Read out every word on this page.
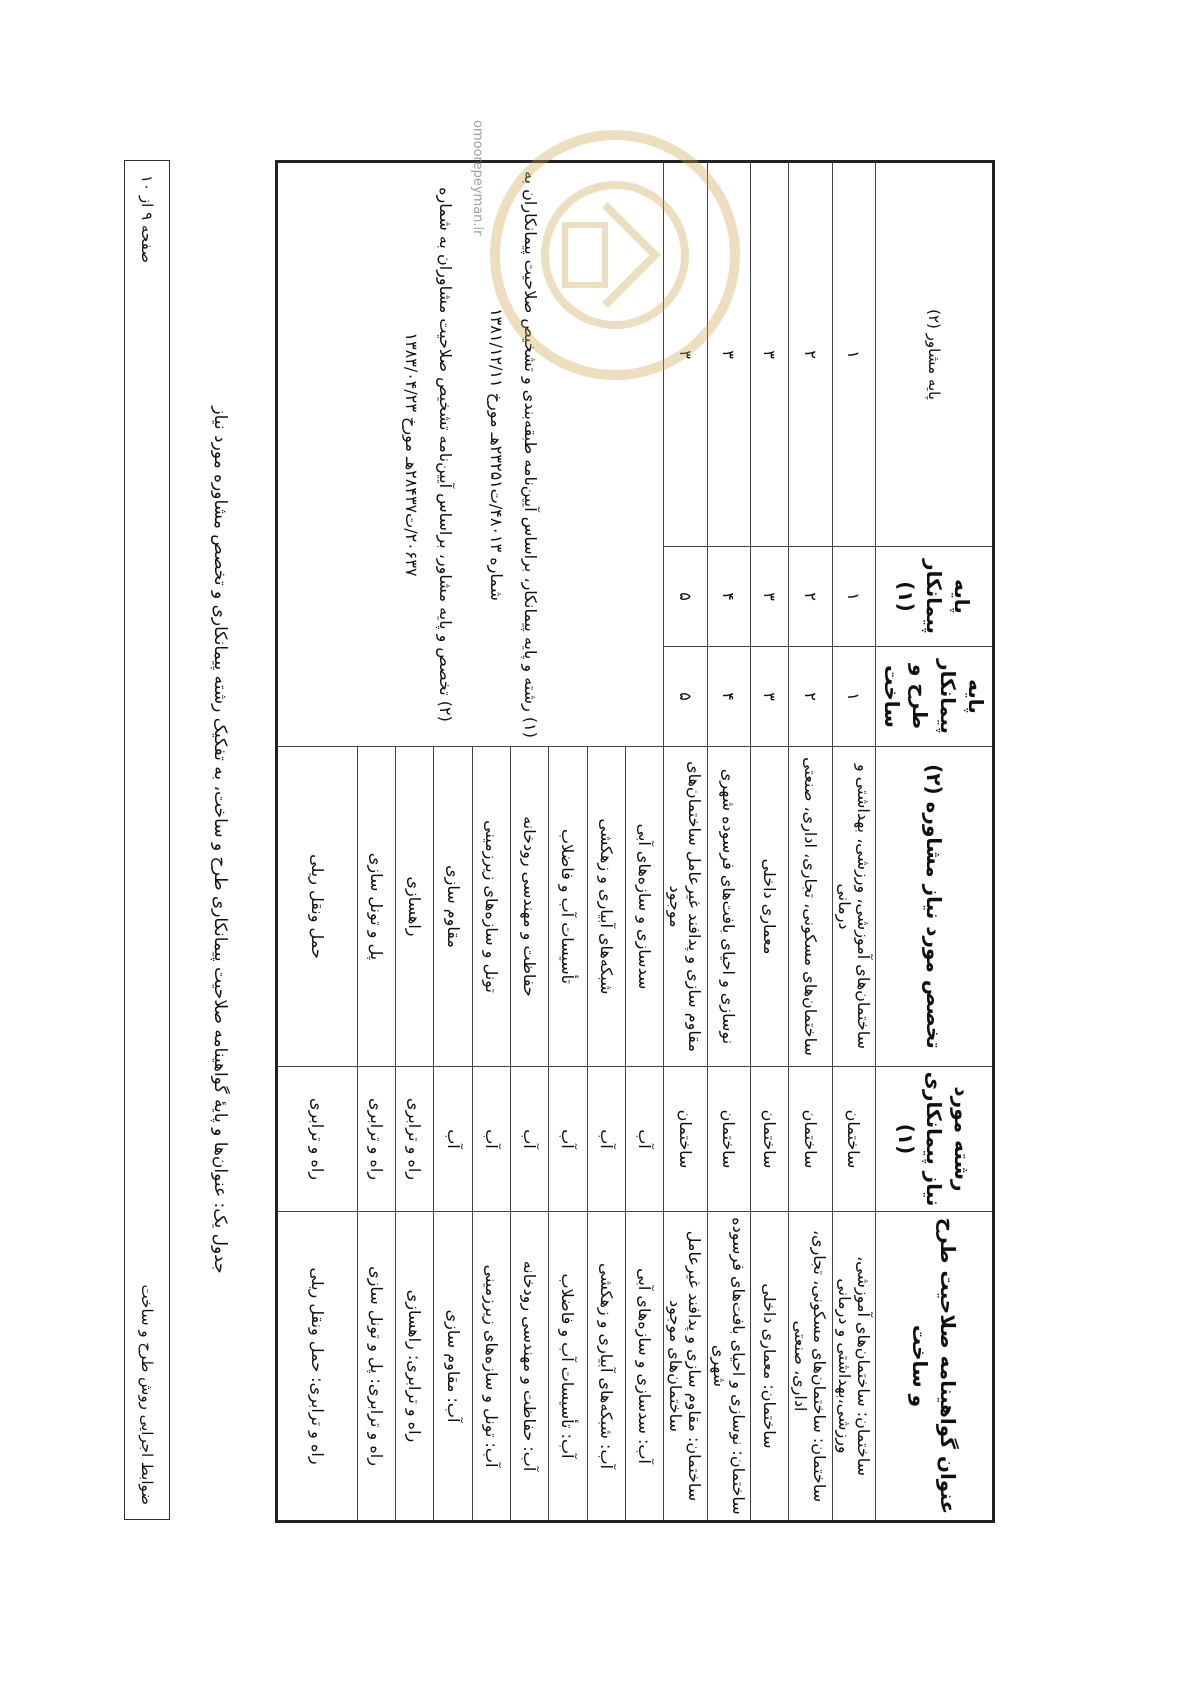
ضوابط اجرایی روش طرح و ساخت
صفحه ۹ از ۱۰
جدول یک: عنوان‌ها و پایهٔ گواهینامه صلاحیت پیمانکاری طرح و ساخت، به تفکیک رشته پیمانکاری و تخصص مشاوره مورد نیاز
عنوان گواهینامه صلاحیت طرح و ساخت	رشته مورد نیاز پیمانکاری (۱)	تخصص مورد نیاز مشاوره (۲)	پایه پیمانکار طرح و ساخت	پایه پیمانکار (۱)	پایه مشاور (۲)
ساختمان: ساختمان‌های آموزشی، ورزشی،بهداشتی و درمانی	ساختمان	ساختمان‌های آموزشی، ورزشی، بهداشتی و درمانی	۱	۱	۱
ساختمان: ساختمان‌های مسکونی، تجاری، اداری، صنعتی	ساختمان	ساختمان‌های مسکونی، تجاری، اداری، صنعتی	۲	۲	۲
ساختمان: معماری داخلی	ساختمان	معماری داخلی	۳	۳	۳
ساختمان: نوسازی و احیای بافت‌های فرسوده شهری	ساختمان	نوسازی و احیای بافت‌های فرسوده شهری	۴	۴	۳
ساختمان: مقاوم سازی و پدافند غیرعامل ساختمان‌های موجود	ساختمان	مقاوم سازی و پدافند غیرعامل ساختمان‌های موجود	۵	۵	۳
آب: سدسازی و سازه‌های آبی	آب	سدسازی و سازه‌های آبی	(۱) رشته و پایه پیمانکار، براساس آیین‌نامه طبقه‌بندی و تشخیص صلاحیت پیمانکاران به شماره ۴۸۰۱۳/ت۲۳۲۵۱هـ مورخ ۱۳۸۱/۱۲/۱۱
(۲) تخصص و پایه مشاور، براساس آیین‌نامه تشخیص صلاحیت مشاوران به شماره ۲۰۶۳۷/ت۲۸۴۳۷هـ مورخ ۱۳۸۳/۰۴/۲۳		

آب: شبکه‌های آبیاری و زهکشی	آب	شبکه‌های آبیاری و زهکشی			
آب: تأسیسات آب و فاضلاب	آب	تأسیسات آب و فاضلاب			
آب: حفاظت و مهندسی رودخانه	آب	حفاظت و مهندسی رودخانه			
آب: تونل و سازه‌های زیرزمینی	آب	تونل و سازه‌های زیرزمینی			
آب: مقاوم سازی	آب	مقاوم سازی			
راه و ترابری: راهسازی	راه و ترابری	راهسازی			
راه و ترابری: پل و تونل سازی	راه و ترابری	پل و تونل سازی			
راه و ترابری: حمل ونقل ریلی	راه و ترابری	حمل ونقل ریلی			
omoorepeyman.ir
